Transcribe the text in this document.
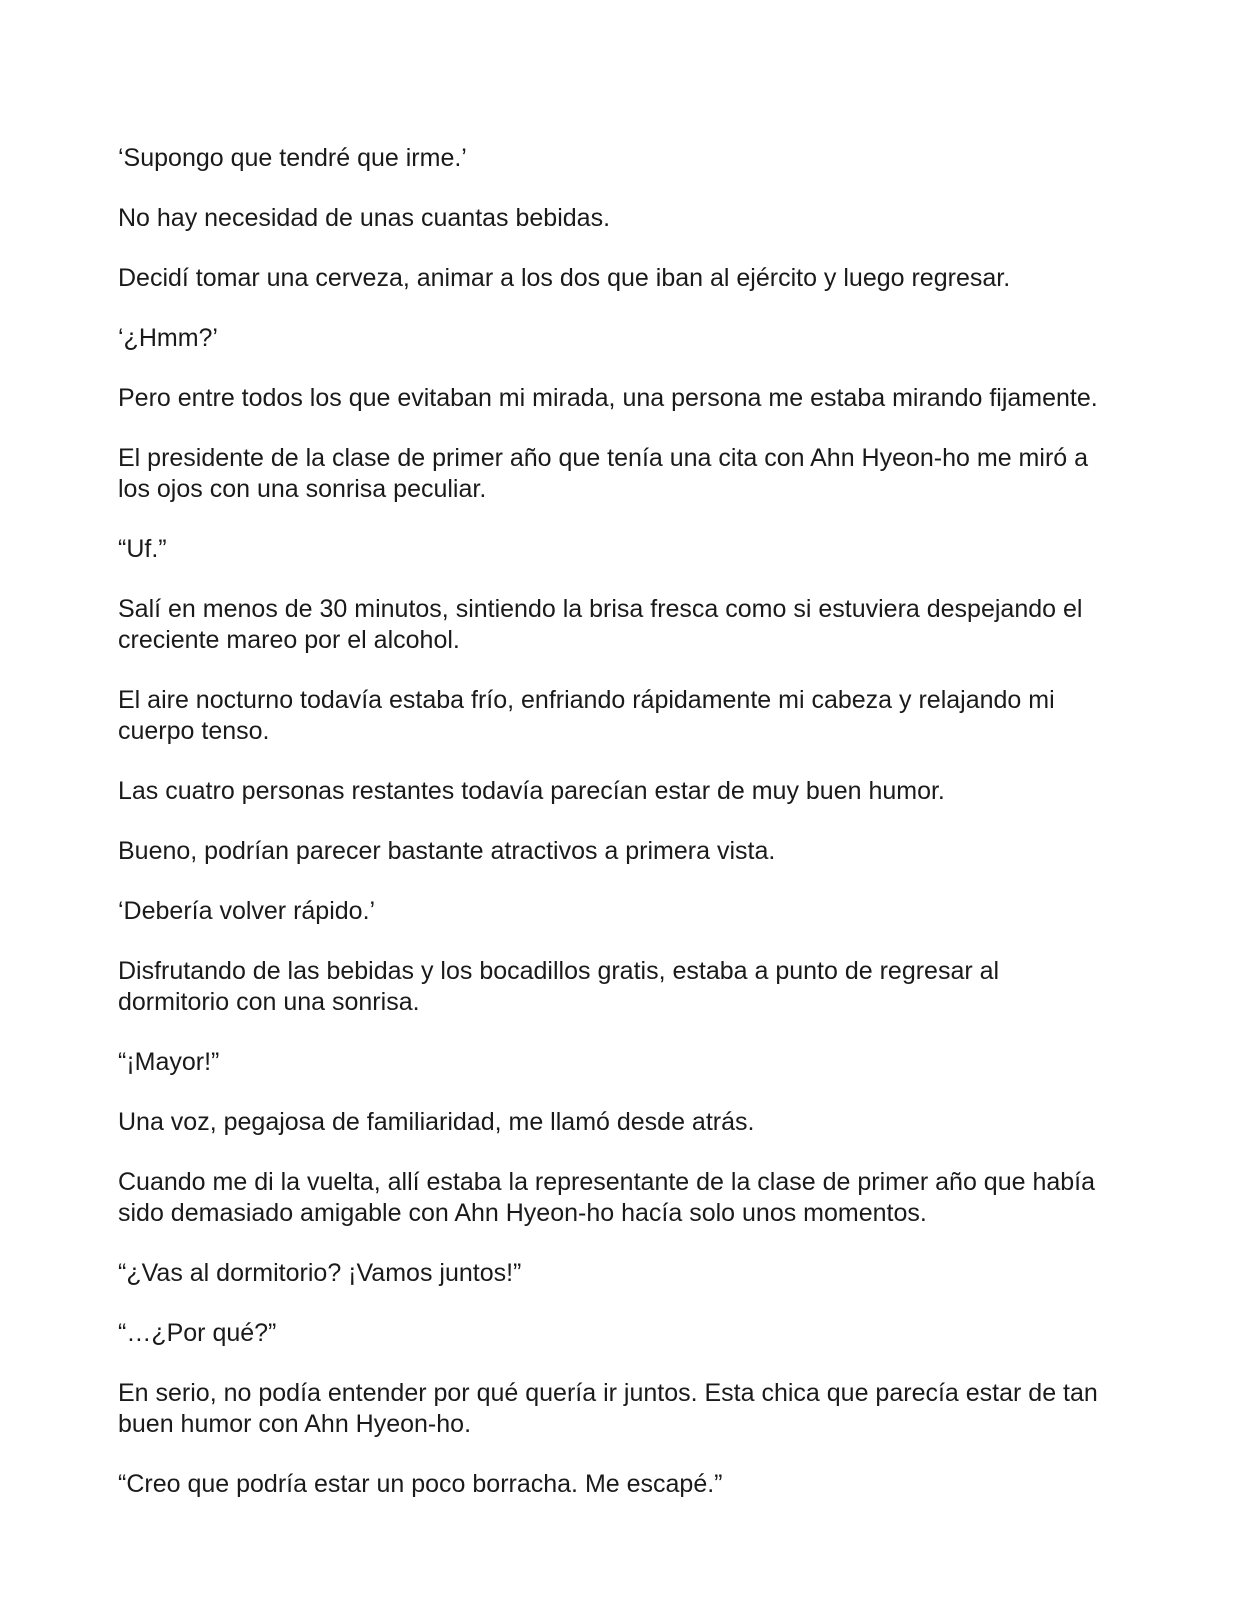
‘Supongo que tendré que irme.’

No hay necesidad de unas cuantas bebidas.

Decidí tomar una cerveza, animar a los dos que iban al ejército y luego regresar.

‘¿Hmm?’

Pero entre todos los que evitaban mi mirada, una persona me estaba mirando fijamente.

El presidente de la clase de primer año que tenía una cita con Ahn Hyeon-ho me miró a los ojos con una sonrisa peculiar.

“Uf.”

Salí en menos de 30 minutos, sintiendo la brisa fresca como si estuviera despejando el creciente mareo por el alcohol.

El aire nocturno todavía estaba frío, enfriando rápidamente mi cabeza y relajando mi cuerpo tenso.

Las cuatro personas restantes todavía parecían estar de muy buen humor.

Bueno, podrían parecer bastante atractivos a primera vista.

‘Debería volver rápido.’

Disfrutando de las bebidas y los bocadillos gratis, estaba a punto de regresar al dormitorio con una sonrisa.

“¡Mayor!”

Una voz, pegajosa de familiaridad, me llamó desde atrás.

Cuando me di la vuelta, allí estaba la representante de la clase de primer año que había sido demasiado amigable con Ahn Hyeon-ho hacía solo unos momentos.

“¿Vas al dormitorio? ¡Vamos juntos!”

“…¿Por qué?”

En serio, no podía entender por qué quería ir juntos. Esta chica que parecía estar de tan buen humor con Ahn Hyeon-ho.

“Creo que podría estar un poco borracha. Me escapé.”
